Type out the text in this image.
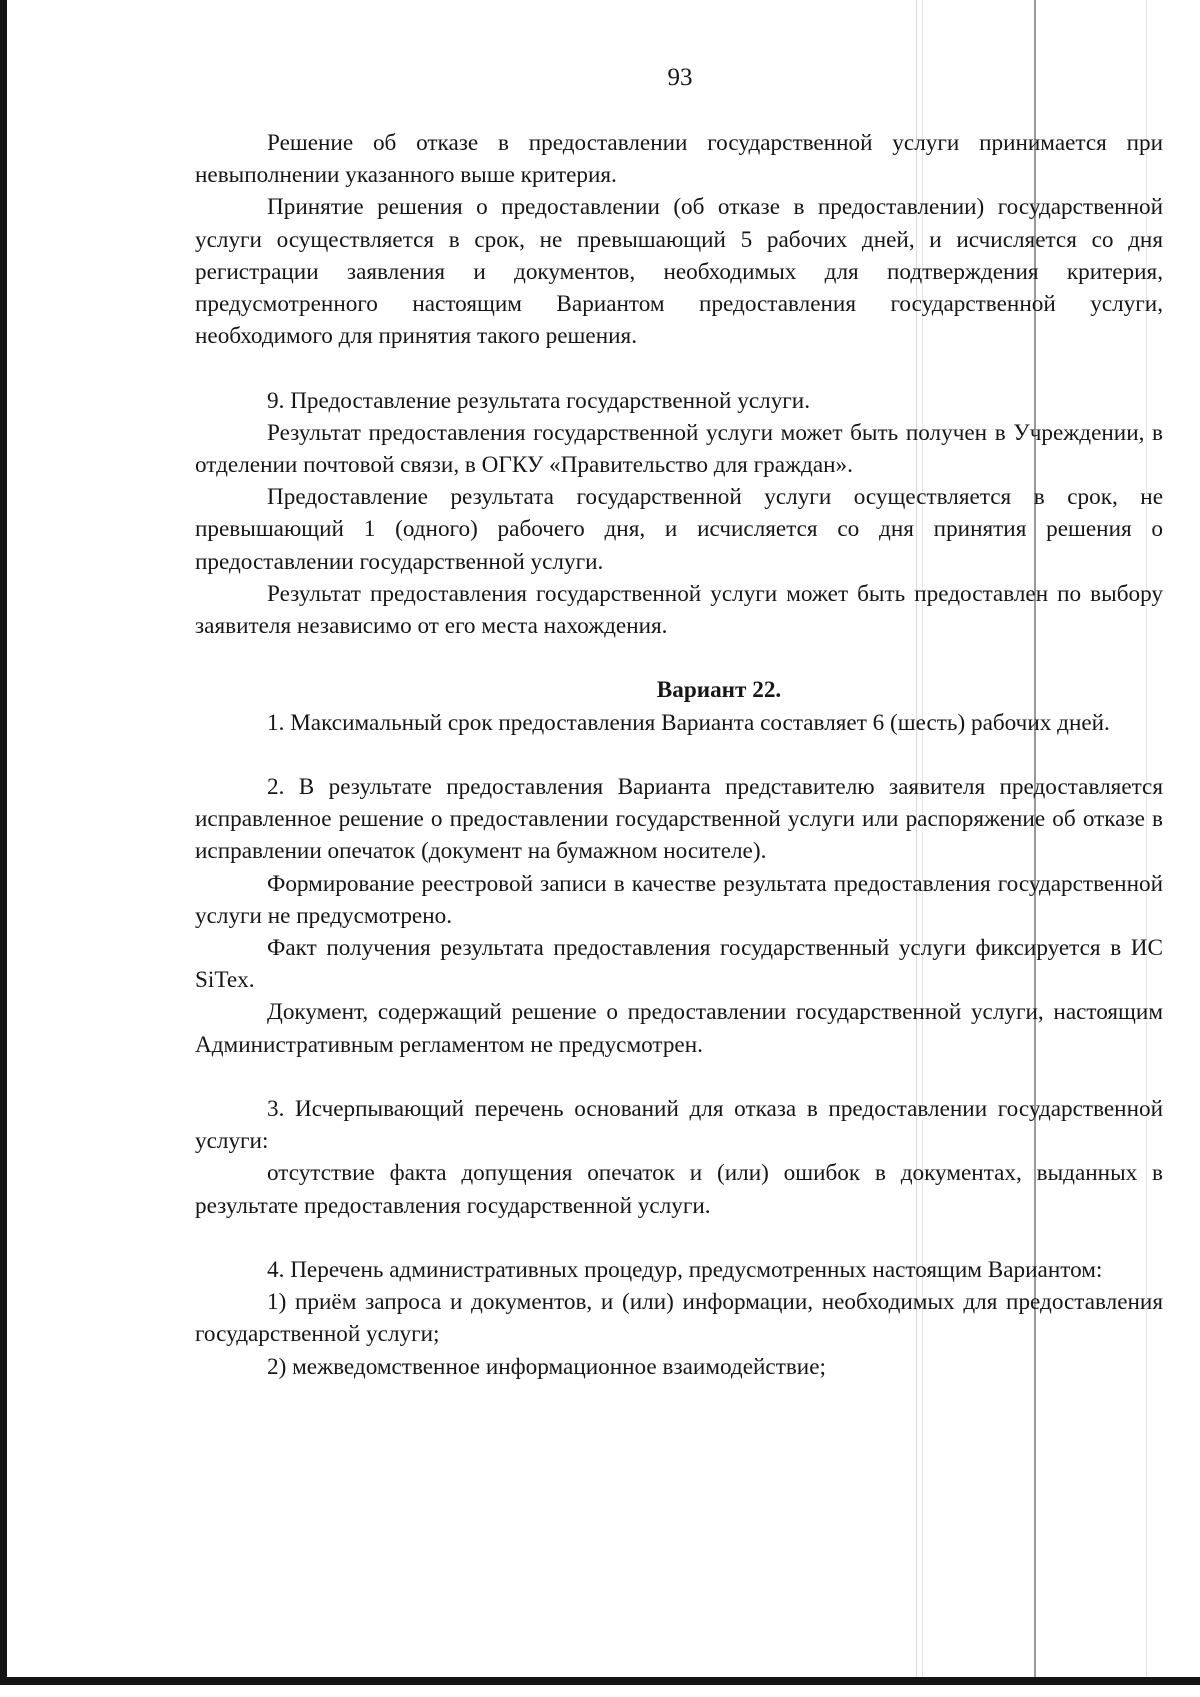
93

Решение об отказе в предоставлении государственной услуги принимается при невыполнении указанного выше критерия.

Принятие решения о предоставлении (об отказе в предоставлении) государственной услуги осуществляется в срок, не превышающий 5 рабочих дней, и исчисляется со дня регистрации заявления и документов, необходимых для подтверждения критерия, предусмотренного настоящим Вариантом предоставления государственной услуги, необходимого для принятия такого решения.

9. Предоставление результата государственной услуги.

Результат предоставления государственной услуги может быть получен в Учреждении, в отделении почтовой связи, в ОГКУ «Правительство для граждан».

Предоставление результата государственной услуги осуществляется в срок, не превышающий 1 (одного) рабочего дня, и исчисляется со дня принятия решения о предоставлении государственной услуги.

Результат предоставления государственной услуги может быть предоставлен по выбору заявителя независимо от его места нахождения.

Вариант 22.

1. Максимальный срок предоставления Варианта составляет 6 (шесть) рабочих дней.

2. В результате предоставления Варианта представителю заявителя предоставляется исправленное решение о предоставлении государственной услуги или распоряжение об отказе в исправлении опечаток (документ на бумажном носителе).

Формирование реестровой записи в качестве результата предоставления государственной услуги не предусмотрено.

Факт получения результата предоставления государственный услуги фиксируется в ИС SiTex.

Документ, содержащий решение о предоставлении государственной услуги, настоящим Административным регламентом не предусмотрен.

3. Исчерпывающий перечень оснований для отказа в предоставлении государственной услуги:

отсутствие факта допущения опечаток и (или) ошибок в документах, выданных в результате предоставления государственной услуги.

4. Перечень административных процедур, предусмотренных настоящим Вариантом:

1) приём запроса и документов, и (или) информации, необходимых для предоставления государственной услуги;

2) межведомственное информационное взаимодействие;
